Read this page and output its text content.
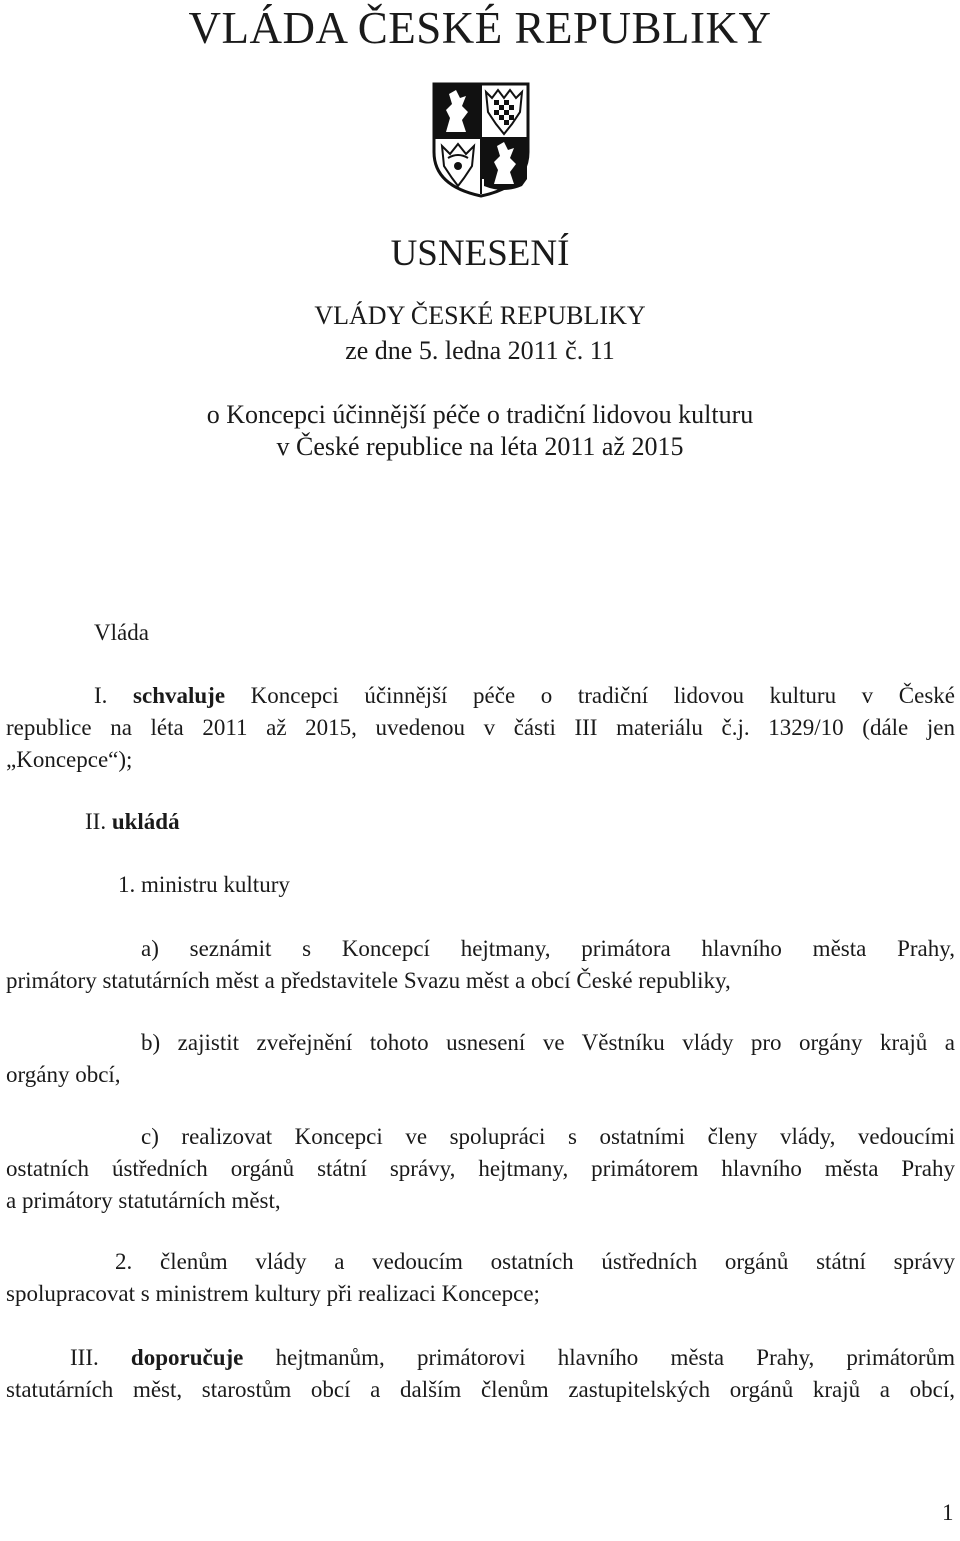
VLÁDA ČESKÉ REPUBLIKY
USNESENÍ
VLÁDY ČESKÉ REPUBLIKY
ze dne 5. ledna 2011 č. 11
o Koncepci účinnější péče o tradiční lidovou kulturu
v České republice na léta 2011 až 2015
Vláda
I. schvaluje Koncepci účinnější péče o tradiční lidovou kulturu v České
republice na léta 2011 až 2015, uvedenou v části III materiálu č.j. 1329/10 (dále jen
„Koncepce“);
II. ukládá
1. ministru kultury
a) seznámit s Koncepcí hejtmany, primátora hlavního města Prahy,
primátory statutárních měst a představitele Svazu měst a obcí České republiky,
b) zajistit zveřejnění tohoto usnesení ve Věstníku vlády pro orgány krajů a
orgány obcí,
c) realizovat Koncepci ve spolupráci s ostatními členy vlády, vedoucími
ostatních ústředních orgánů státní správy, hejtmany, primátorem hlavního města Prahy
a primátory statutárních měst,
2. členům vlády a vedoucím ostatních ústředních orgánů státní správy
spolupracovat s ministrem kultury při realizaci Koncepce;
III. doporučuje hejtmanům, primátorovi hlavního města Prahy, primátorům
statutárních měst, starostům obcí a dalším členům zastupitelských orgánů krajů a obcí,
1
